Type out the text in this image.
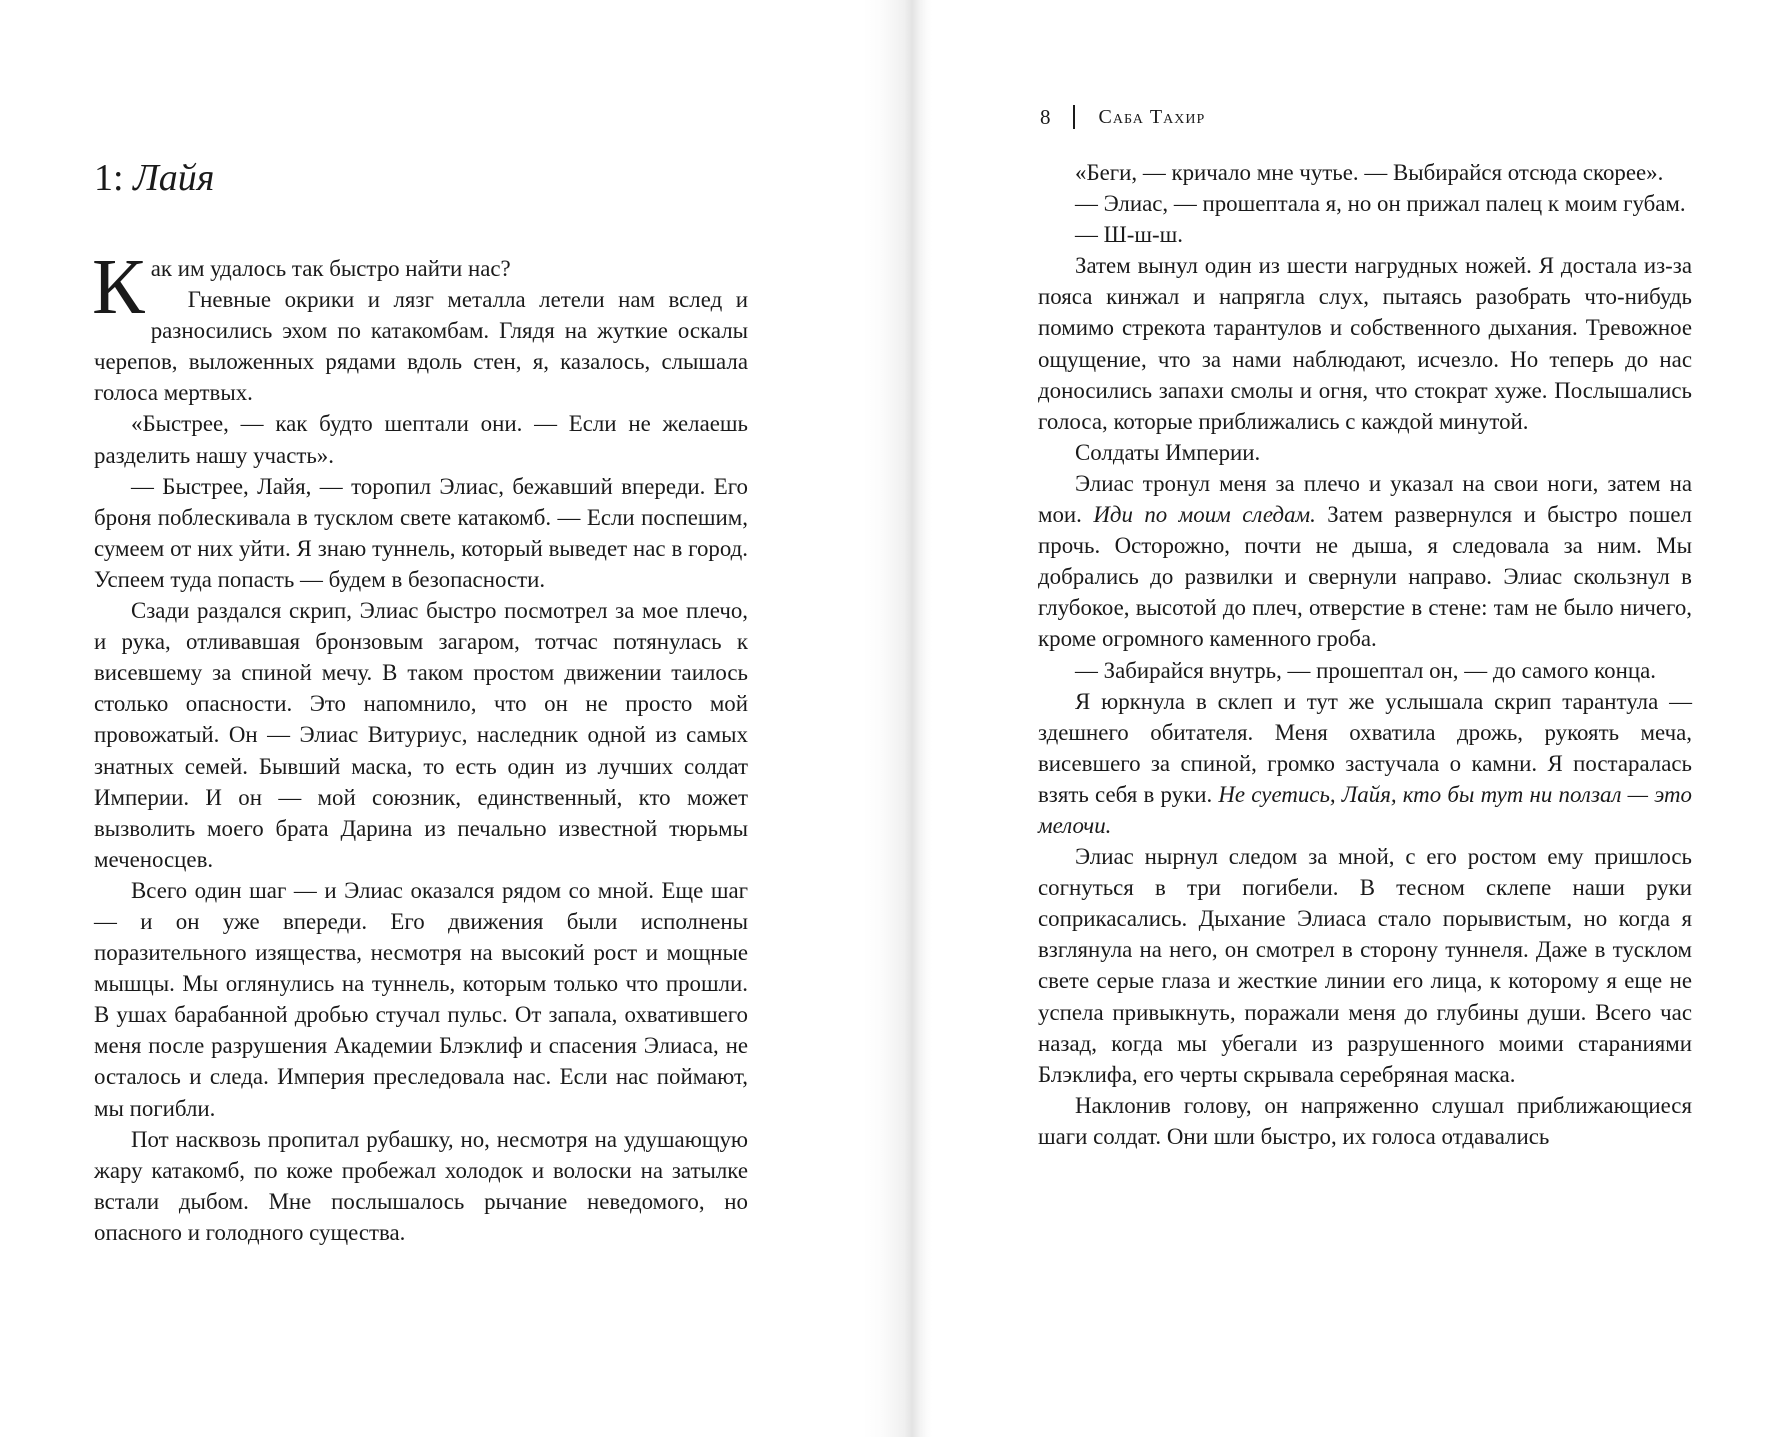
1: Лайя

Как им удалось так быстро найти нас?

Гневные окрики и лязг металла летели нам вслед и разносились эхом по катакомбам. Глядя на жуткие оскалы черепов, выложенных рядами вдоль стен, я, казалось, слышала голоса мертвых.

«Быстрее, — как будто шептали они. — Если не желаешь разделить нашу участь».

— Быстрее, Лайя, — торопил Элиас, бежавший впереди. Его броня поблескивала в тусклом свете катакомб. — Если поспешим, сумеем от них уйти. Я знаю туннель, который выведет нас в город. Успеем туда попасть — будем в безопасности.

Сзади раздался скрип, Элиас быстро посмотрел за мое плечо, и рука, отливавшая бронзовым загаром, тотчас потянулась к висевшему за спиной мечу. В таком простом движении таилось столько опасности. Это напомнило, что он не просто мой провожатый. Он — Элиас Витуриус, наследник одной из самых знатных семей. Бывший маска, то есть один из лучших солдат Империи. И он — мой союзник, единственный, кто может вызволить моего брата Дарина из печально известной тюрьмы меченосцев.

Всего один шаг — и Элиас оказался рядом со мной. Еще шаг — и он уже впереди. Его движения были исполнены поразительного изящества, несмотря на высокий рост и мощные мышцы. Мы оглянулись на туннель, которым только что прошли. В ушах барабанной дробью стучал пульс. От запала, охватившего меня после разрушения Академии Блэклиф и спасения Элиаса, не осталось и следа. Империя преследовала нас. Если нас поймают, мы погибли.

Пот насквозь пропитал рубашку, но, несмотря на удушающую жару катакомб, по коже пробежал холодок и волоски на затылке встали дыбом. Мне послышалось рычание неведомого, но опасного и голодного существа.

8 Саба Тахир

«Беги, — кричало мне чутье. — Выбирайся отсюда скорее».

— Элиас, — прошептала я, но он прижал палец к моим губам.

— Ш-ш-ш.

Затем вынул один из шести нагрудных ножей. Я достала из-за пояса кинжал и напрягла слух, пытаясь разобрать что-нибудь помимо стрекота тарантулов и собственного дыхания. Тревожное ощущение, что за нами наблюдают, исчезло. Но теперь до нас доносились запахи смолы и огня, что стократ хуже. Послышались голоса, которые приближались с каждой минутой.

Солдаты Империи.

Элиас тронул меня за плечо и указал на свои ноги, затем на мои. Иди по моим следам. Затем развернулся и быстро пошел прочь. Осторожно, почти не дыша, я следовала за ним. Мы добрались до развилки и свернули направо. Элиас скользнул в глубокое, высотой до плеч, отверстие в стене: там не было ничего, кроме огромного каменного гроба.

— Забирайся внутрь, — прошептал он, — до самого конца.

Я юркнула в склеп и тут же услышала скрип тарантула — здешнего обитателя. Меня охватила дрожь, рукоять меча, висевшего за спиной, громко застучала о камни. Я постаралась взять себя в руки. Не суетись, Лайя, кто бы тут ни ползал — это мелочи.

Элиас нырнул следом за мной, с его ростом ему пришлось согнуться в три погибели. В тесном склепе наши руки соприкасались. Дыхание Элиаса стало порывистым, но когда я взглянула на него, он смотрел в сторону туннеля. Даже в тусклом свете серые глаза и жесткие линии его лица, к которому я еще не успела привыкнуть, поражали меня до глубины души. Всего час назад, когда мы убегали из разрушенного моими стараниями Блэклифа, его черты скрывала серебряная маска.

Наклонив голову, он напряженно слушал приближающиеся шаги солдат. Они шли быстро, их голоса отдавались
